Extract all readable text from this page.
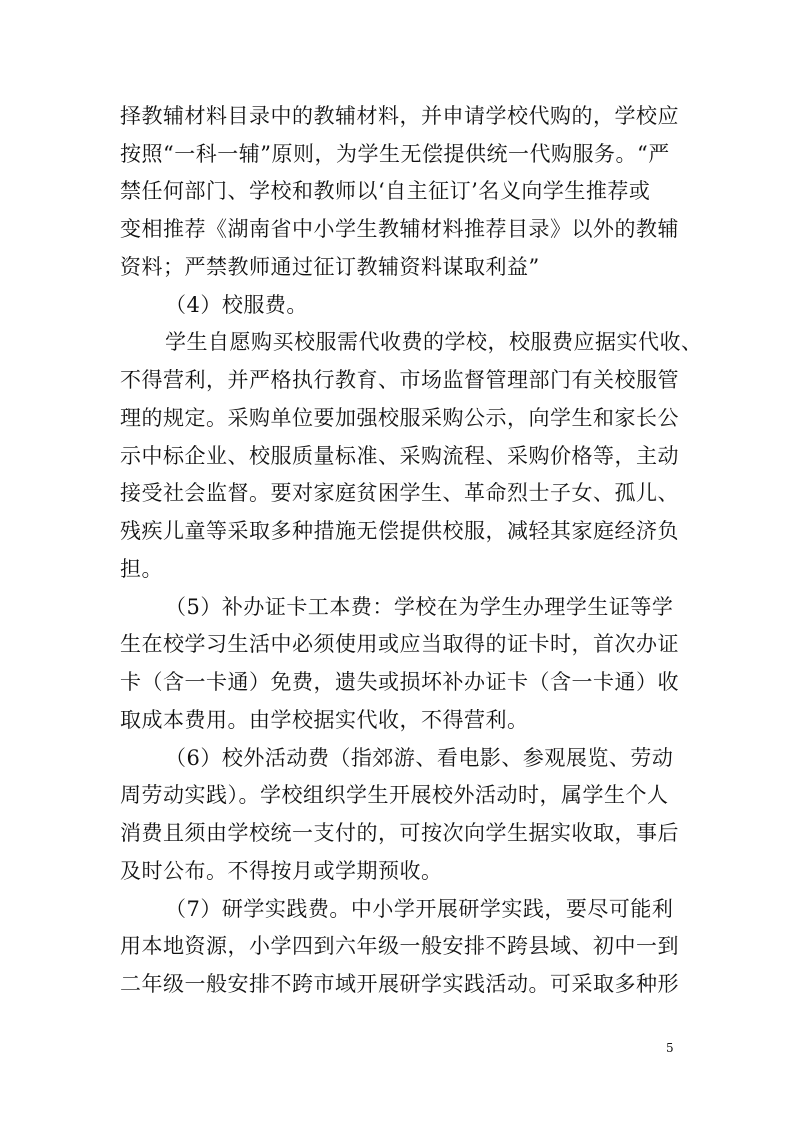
择教辅材料目录中的教辅材料，并申请学校代购的，学校应
按照“一科一辅”原则，为学生无偿提供统一代购服务。“严
禁任何部门、学校和教师以‘自主征订’名义向学生推荐或
变相推荐《湖南省中小学生教辅材料推荐目录》以外的教辅
资料；严禁教师通过征订教辅资料谋取利益”
（4）校服费。
学生自愿购买校服需代收费的学校，校服费应据实代收、
不得营利，并严格执行教育、市场监督管理部门有关校服管
理的规定。采购单位要加强校服采购公示，向学生和家长公
示中标企业、校服质量标准、采购流程、采购价格等，主动
接受社会监督。要对家庭贫困学生、革命烈士子女、孤儿、
残疾儿童等采取多种措施无偿提供校服，减轻其家庭经济负
担。
（5）补办证卡工本费：学校在为学生办理学生证等学
生在校学习生活中必须使用或应当取得的证卡时，首次办证
卡（含一卡通）免费，遗失或损坏补办证卡（含一卡通）收
取成本费用。由学校据实代收，不得营利。
（6）校外活动费（指郊游、看电影、参观展览、劳动
周劳动实践）。学校组织学生开展校外活动时，属学生个人
消费且须由学校统一支付的，可按次向学生据实收取，事后
及时公布。不得按月或学期预收。
（7）研学实践费。中小学开展研学实践，要尽可能利
用本地资源，小学四到六年级一般安排不跨县域、初中一到
二年级一般安排不跨市域开展研学实践活动。可采取多种形
5
